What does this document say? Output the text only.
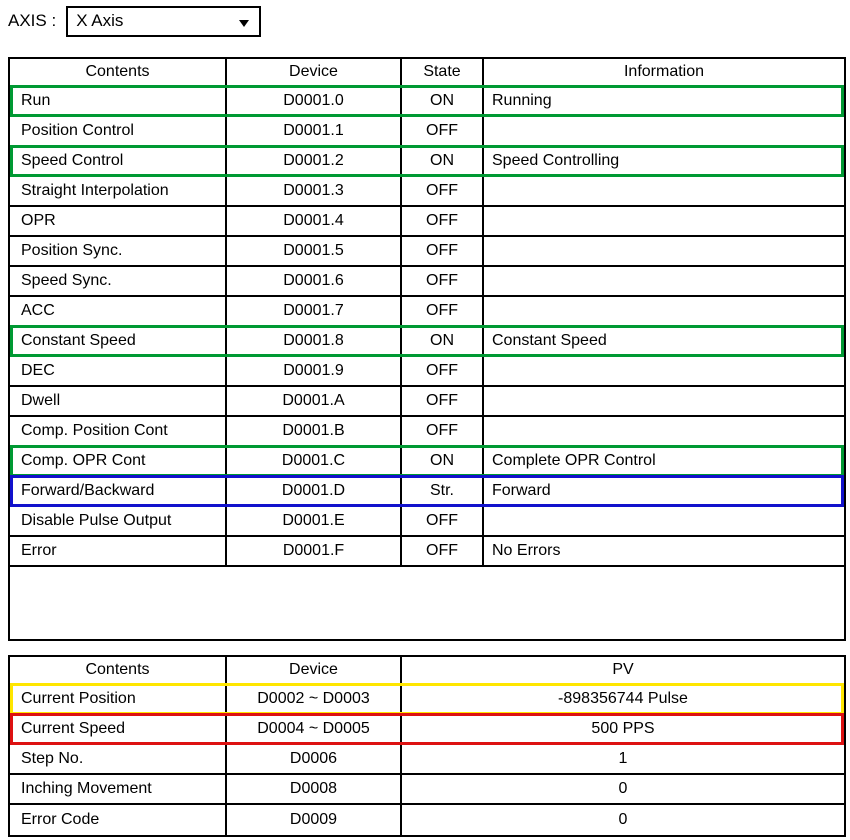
AXIS : X Axis
Contents	Device	State	Information
Run	D0001.0	ON	Running
Position Control	D0001.1	OFF
Speed Control	D0001.2	ON	Speed Controlling
Straight Interpolation	D0001.3	OFF
OPR	D0001.4	OFF
Position Sync.	D0001.5	OFF
Speed Sync.	D0001.6	OFF
ACC	D0001.7	OFF
Constant Speed	D0001.8	ON	Constant Speed
DEC	D0001.9	OFF
Dwell	D0001.A	OFF
Comp. Position Cont	D0001.B	OFF
Comp. OPR Cont	D0001.C	ON	Complete OPR Control
Forward/Backward	D0001.D	Str.	Forward
Disable Pulse Output	D0001.E	OFF
Error	D0001.F	OFF	No Errors
Contents	Device	PV
Current Position	D0002 ~ D0003	-898356744 Pulse
Current Speed	D0004 ~ D0005	500 PPS
Step No.	D0006	1
Inching Movement	D0008	0
Error Code	D0009	0
